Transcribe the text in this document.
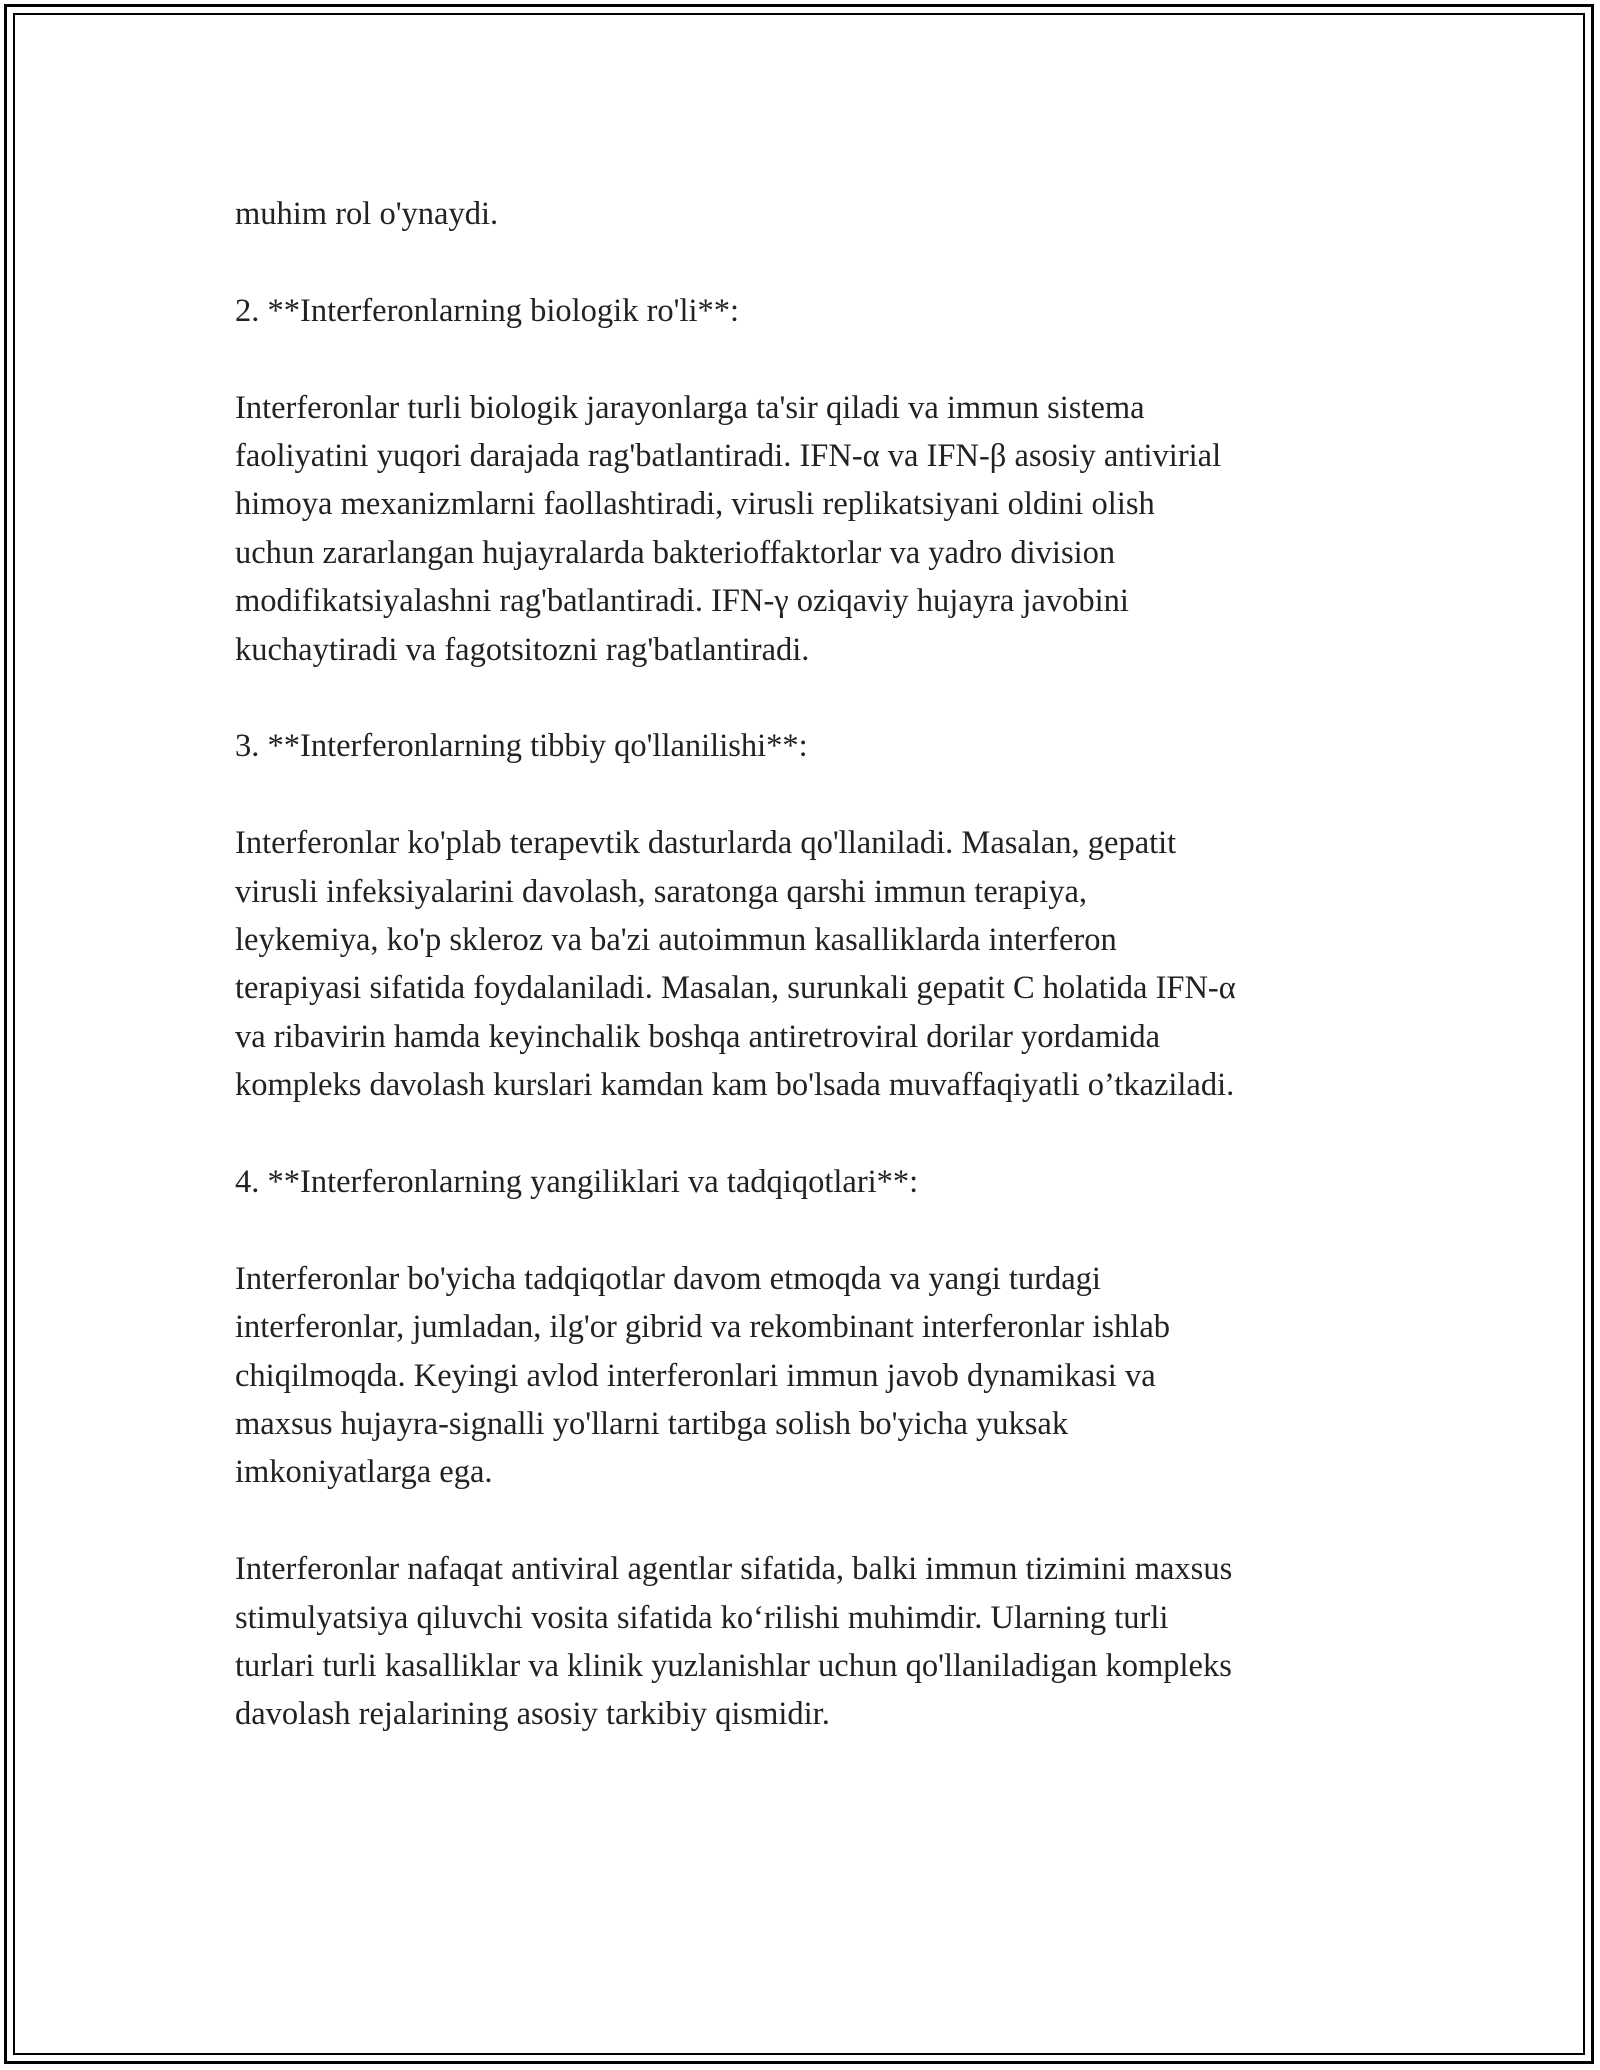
muhim rol o'ynaydi.

2. **Interferonlarning biologik ro'li**:

Interferonlar turli biologik jarayonlarga ta'sir qiladi va immun sistema
faoliyatini yuqori darajada rag'batlantiradi. IFN-α va IFN-β asosiy antivirial
himoya mexanizmlarni faollashtiradi, virusli replikatsiyani oldini olish
uchun zararlangan hujayralarda bakterioffaktorlar va yadro division
modifikatsiyalashni rag'batlantiradi. IFN-γ oziqaviy hujayra javobini
kuchaytiradi va fagotsitozni rag'batlantiradi.

3. **Interferonlarning tibbiy qo'llanilishi**:

Interferonlar ko'plab terapevtik dasturlarda qo'llaniladi. Masalan, gepatit
virusli infeksiyalarini davolash, saratonga qarshi immun terapiya,
leykemiya, ko'p skleroz va ba'zi autoimmun kasalliklarda interferon
terapiyasi sifatida foydalaniladi. Masalan, surunkali gepatit C holatida IFN-α
va ribavirin hamda keyinchalik boshqa antiretroviral dorilar yordamida
kompleks davolash kurslari kamdan kam bo'lsada muvaffaqiyatli o’tkaziladi.

4. **Interferonlarning yangiliklari va tadqiqotlari**:

Interferonlar bo'yicha tadqiqotlar davom etmoqda va yangi turdagi
interferonlar, jumladan, ilg'or gibrid va rekombinant interferonlar ishlab
chiqilmoqda. Keyingi avlod interferonlari immun javob dynamikasi va
maxsus hujayra-signalli yo'llarni tartibga solish bo'yicha yuksak
imkoniyatlarga ega.

Interferonlar nafaqat antiviral agentlar sifatida, balki immun tizimini maxsus
stimulyatsiya qiluvchi vosita sifatida ko‘rilishi muhimdir. Ularning turli
turlari turli kasalliklar va klinik yuzlanishlar uchun qo'llaniladigan kompleks
davolash rejalarining asosiy tarkibiy qismidir.
